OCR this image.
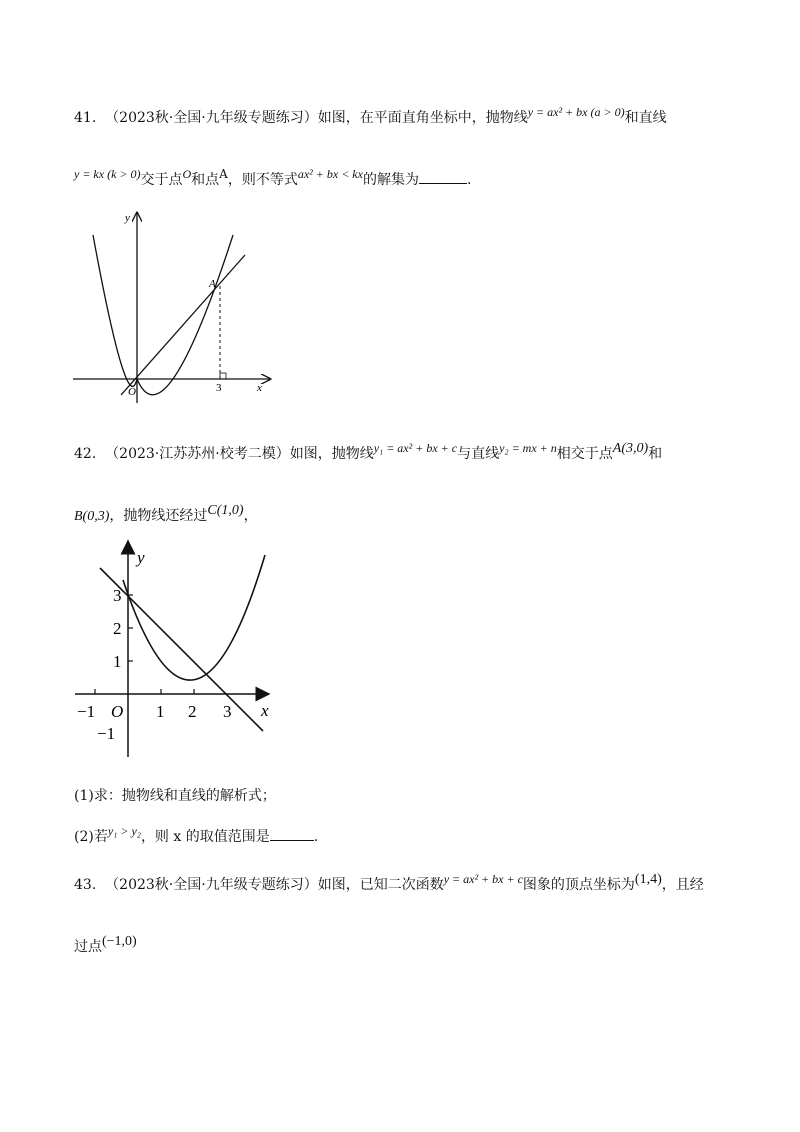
41. （2023秋·全国·九年级专题练习）如图，在平面直角坐标中，抛物线y = ax² + bx (a > 0)和直线
y = kx (k > 0)交于点O和点A，则不等式ax² + bx < kx的解集为	.
y
x
O
A
3
42. （2023·江苏苏州·校考二模）如图，抛物线y₁ = ax² + bx + c与直线y₂ = mx + n相交于点A(3,0)和
B(0,3)，抛物线还经过C(1,0)，
y
x
O
−1	1 2 3
1
2
3
−1
(1)求：抛物线和直线的解析式；
(2)若y₁ > y₂，则 x 的取值范围是	.
43. （2023秋·全国·九年级专题练习）如图，已知二次函数y = ax² + bx + c图象的顶点坐标为(1,4)，且经
过点(−1,0)
